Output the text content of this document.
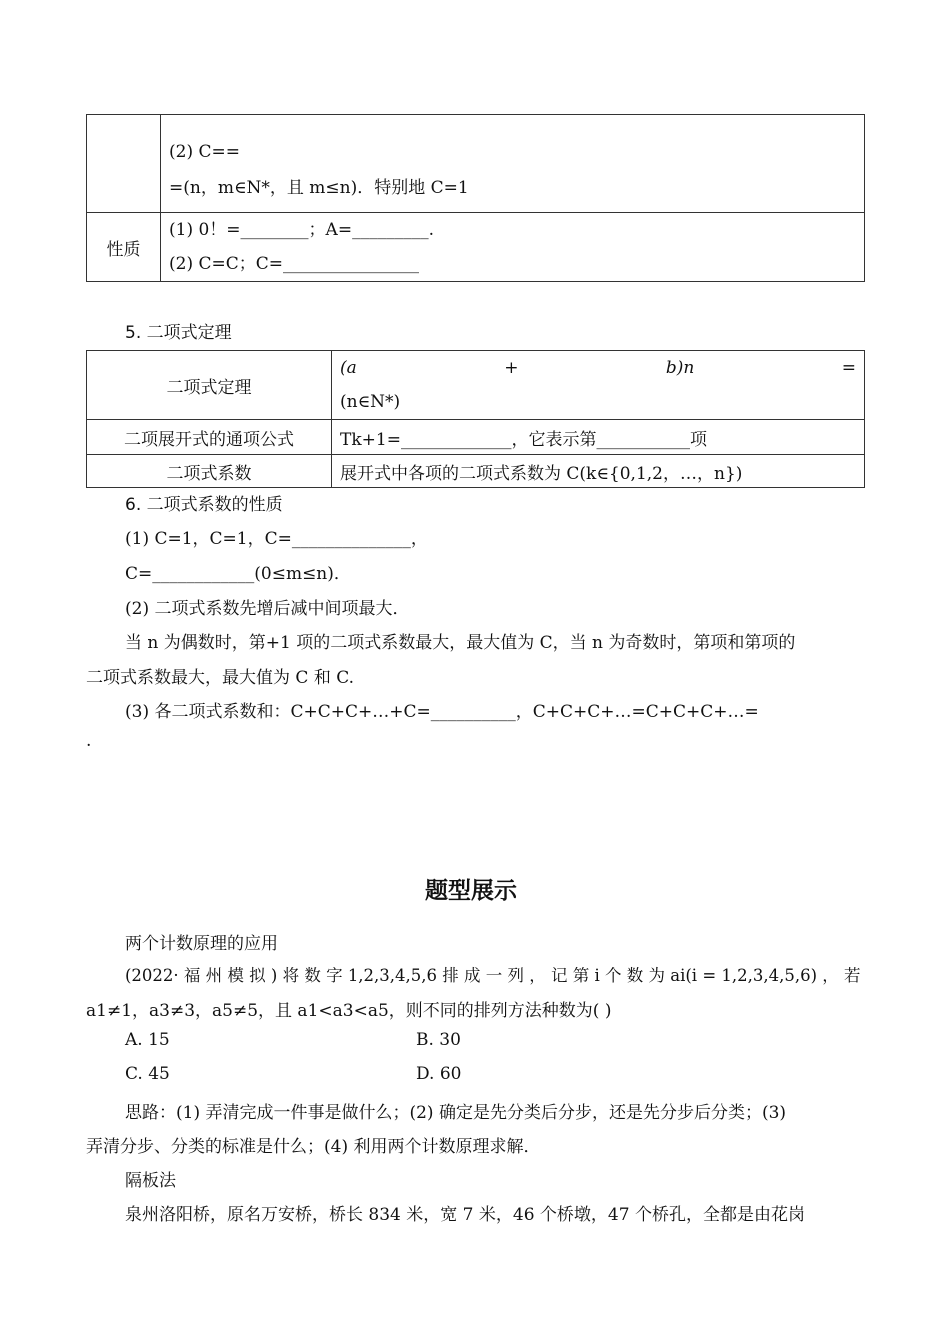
	(2) C==
=(n，m∈N*，且 m≤n)．特别地 C=1

性质	(1) 0！=________；A=_________.
(2) C=C；C=________________
5. 二项式定理
二项式定理	(a + b)n =
(n∈N*)

二项展开式的通项公式	Tk+1=_____________，它表示第___________项
二项式系数	展开式中各项的二项式系数为 C(k∈{0,1,2，…，n})
6. 二项式系数的性质
(1) C=1，C=1，C=______________，
C=____________(0≤m≤n)．
(2) 二项式系数先增后减中间项最大．
当 n 为偶数时，第+1 项的二项式系数最大，最大值为 C，当 n 为奇数时，第项和第项的
二项式系数最大，最大值为 C 和 C.
(3) 各二项式系数和：C+C+C+…+C=__________，C+C+C+…=C+C+C+…=
.
题型展示
两个计数原理的应用
(2022· 福 州 模 拟 ) 将 数 字 1,2,3,4,5,6 排 成 一 列 ， 记 第 i 个 数 为 ai(i = 1,2,3,4,5,6) ， 若
a1≠1，a3≠3，a5≠5，且 a1<a3<a5，则不同的排列方法种数为( )
A. 15	B. 30
C. 45	D. 60
思路：(1) 弄清完成一件事是做什么；(2) 确定是先分类后分步，还是先分步后分类；(3)
弄清分步、分类的标准是什么；(4) 利用两个计数原理求解．
隔板法
泉州洛阳桥，原名万安桥，桥长 834 米，宽 7 米，46 个桥墩，47 个桥孔，全都是由花岗
